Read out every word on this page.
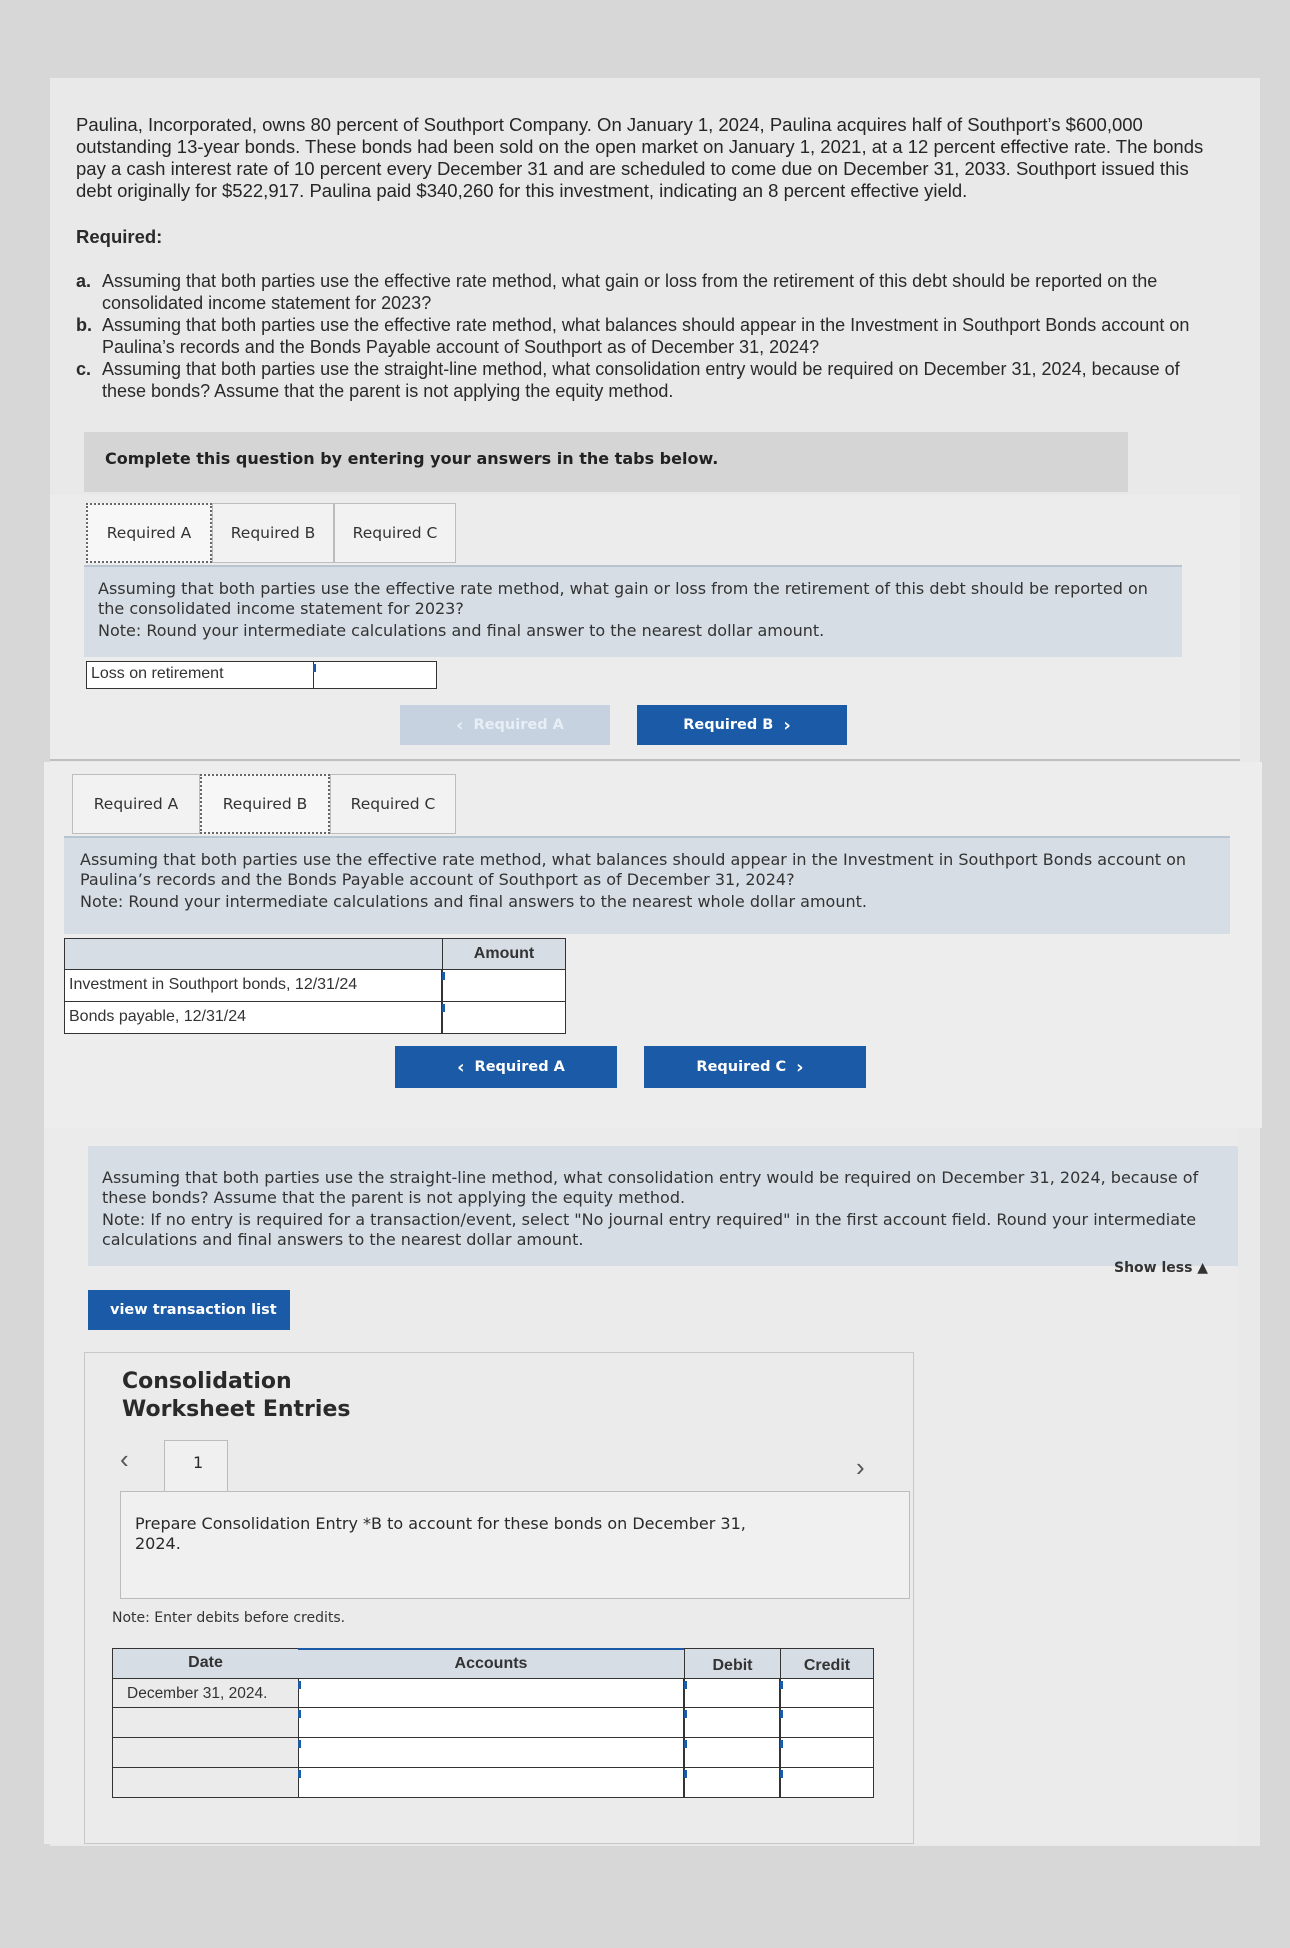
Paulina, Incorporated, owns 80 percent of Southport Company. On January 1, 2024, Paulina acquires half of Southport’s $600,000 outstanding 13-year bonds. These bonds had been sold on the open market on January 1, 2021, at a 12 percent effective rate. The bonds pay a cash interest rate of 10 percent every December 31 and are scheduled to come due on December 31, 2033. Southport issued this debt originally for $522,917. Paulina paid $340,260 for this investment, indicating an 8 percent effective yield.
Required:
a. Assuming that both parties use the effective rate method, what gain or loss from the retirement of this debt should be reported on the consolidated income statement for 2023?
b. Assuming that both parties use the effective rate method, what balances should appear in the Investment in Southport Bonds account on Paulina’s records and the Bonds Payable account of Southport as of December 31, 2024?
c. Assuming that both parties use the straight-line method, what consolidation entry would be required on December 31, 2024, because of these bonds? Assume that the parent is not applying the equity method.
Complete this question by entering your answers in the tabs below.
Required A	Required B	Required C
Assuming that both parties use the effective rate method, what gain or loss from the retirement of this debt should be reported on the consolidated income statement for 2023?
Note: Round your intermediate calculations and final answer to the nearest dollar amount.
Loss on retirement
‹ Required A	Required B ›
Required A	Required B	Required C
Assuming that both parties use the effective rate method, what balances should appear in the Investment in Southport Bonds account on Paulina’s records and the Bonds Payable account of Southport as of December 31, 2024?
Note: Round your intermediate calculations and final answers to the nearest whole dollar amount.
Amount
Investment in Southport bonds, 12/31/24
Bonds payable, 12/31/24
‹ Required A	Required C ›
Assuming that both parties use the straight-line method, what consolidation entry would be required on December 31, 2024, because of these bonds? Assume that the parent is not applying the equity method.
Note: If no entry is required for a transaction/event, select "No journal entry required" in the first account field. Round your intermediate calculations and final answers to the nearest dollar amount.
Show less ▲
view transaction list
Consolidation
Worksheet Entries
‹	1	›
Prepare Consolidation Entry *B to account for these bonds on December 31, 2024.
Note: Enter debits before credits.
Date	Accounts	Debit	Credit
December 31, 2024.
